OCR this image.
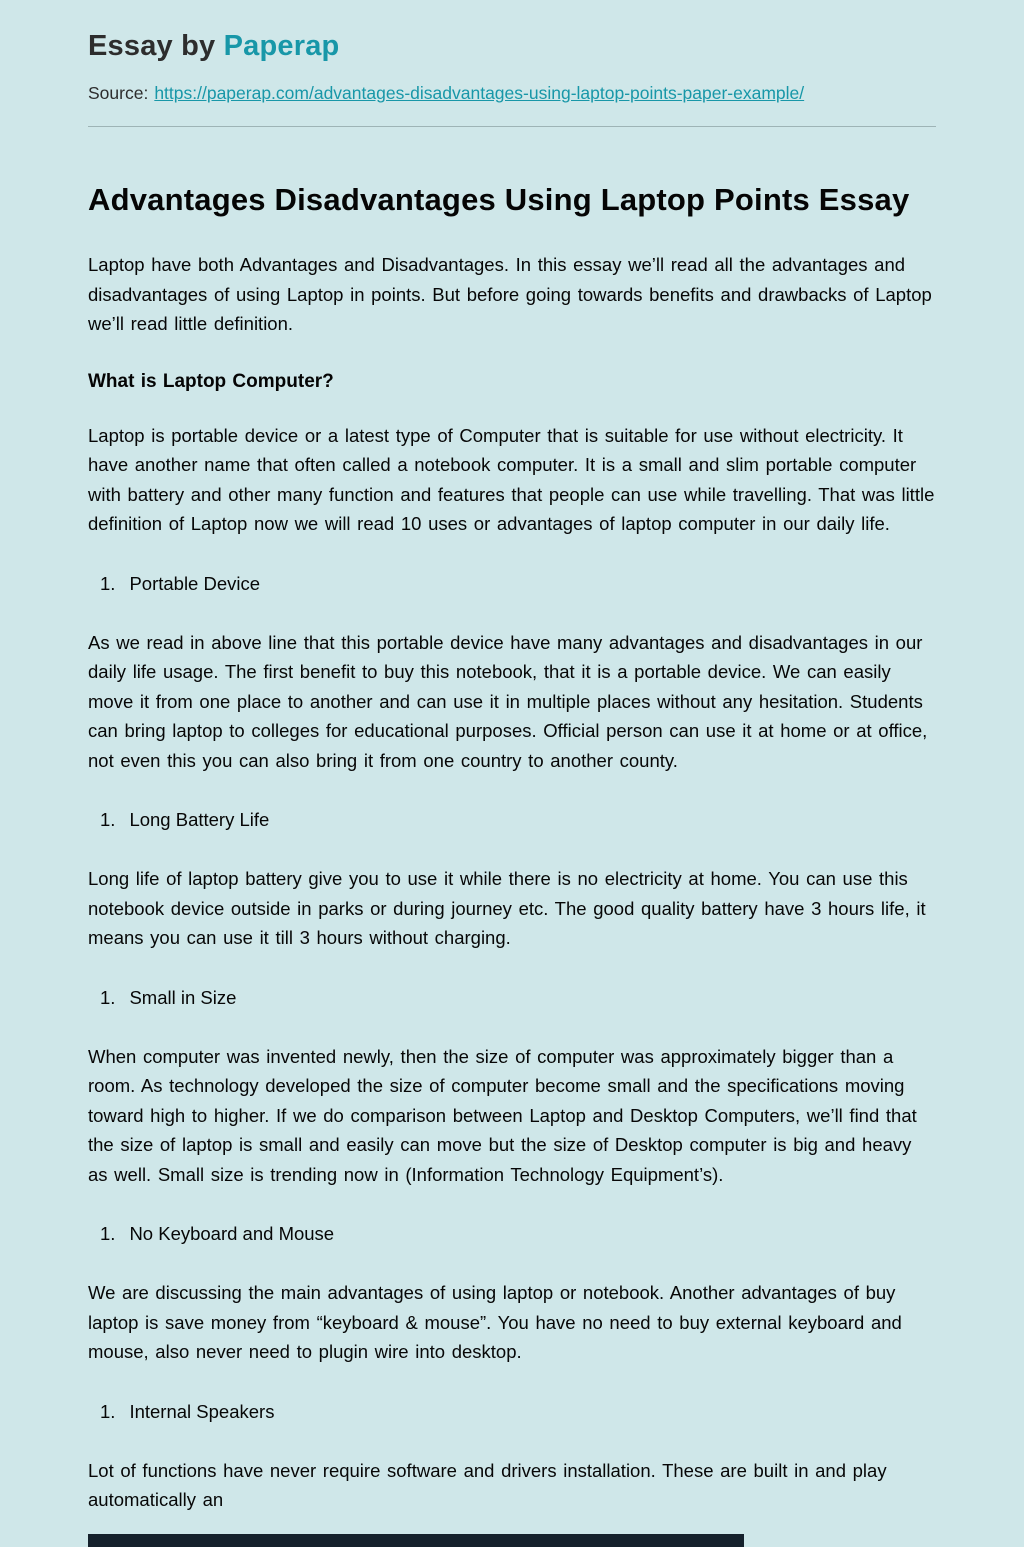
Essay by Paperap

Source: https://paperap.com/advantages-disadvantages-using-laptop-points-paper-example/

Advantages Disadvantages Using Laptop Points Essay

Laptop have both Advantages and Disadvantages. In this essay we’ll read all the advantages and disadvantages of using Laptop in points. But before going towards benefits and drawbacks of Laptop we’ll read little definition.

What is Laptop Computer?

Laptop is portable device or a latest type of Computer that is suitable for use without electricity. It have another name that often called a notebook computer. It is a small and slim portable computer with battery and other many function and features that people can use while travelling. That was little definition of Laptop now we will read 10 uses or advantages of laptop computer in our daily life.

1. Portable Device

As we read in above line that this portable device have many advantages and disadvantages in our daily life usage. The first benefit to buy this notebook, that it is a portable device. We can easily move it from one place to another and can use it in multiple places without any hesitation. Students can bring laptop to colleges for educational purposes. Official person can use it at home or at office, not even this you can also bring it from one country to another county.

1. Long Battery Life

Long life of laptop battery give you to use it while there is no electricity at home. You can use this notebook device outside in parks or during journey etc. The good quality battery have 3 hours life, it means you can use it till 3 hours without charging.

1. Small in Size

When computer was invented newly, then the size of computer was approximately bigger than a room. As technology developed the size of computer become small and the specifications moving toward high to higher. If we do comparison between Laptop and Desktop Computers, we’ll find that the size of laptop is small and easily can move but the size of Desktop computer is big and heavy as well. Small size is trending now in (Information Technology Equipment’s).

1. No Keyboard and Mouse

We are discussing the main advantages of using laptop or notebook. Another advantages of buy laptop is save money from “keyboard & mouse”. You have no need to buy external keyboard and mouse, also never need to plugin wire into desktop.

1. Internal Speakers

Lot of functions have never require software and drivers installation. These are built in and play automatically an
